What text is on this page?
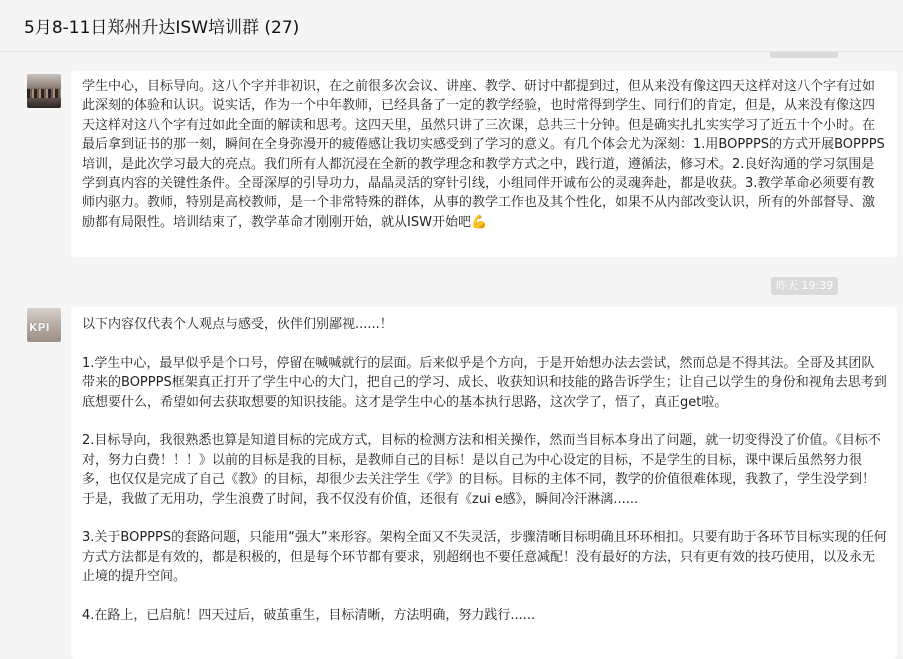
5月8-11日郑州升达ISW培训群 (27)
学生中心，目标导向。这八个字并非初识，在之前很多次会议、讲座、教学、研讨中都提到过，但从来没有像这四天这样对这八个字有过如此深刻的体验和认识。说实话，作为一个中年教师，已经具备了一定的教学经验，也时常得到学生、同行们的肯定，但是，从来没有像这四天这样对这八个字有过如此全面的解读和思考。这四天里，虽然只讲了三次课，总共三十分钟。但是确实扎扎实实学习了近五十个小时。在最后拿到证书的那一刻，瞬间在全身弥漫开的疲倦感让我切实感受到了学习的意义。有几个体会尤为深刻：1.用BOPPPS的方式开展BOPPPS培训，是此次学习最大的亮点。我们所有人都沉浸在全新的教学理念和教学方式之中，践行道，遵循法，修习术。2.良好沟通的学习氛围是学到真内容的关键性条件。全哥深厚的引导功力，晶晶灵活的穿针引线，小组同伴开诚布公的灵魂奔赴，都是收获。3.教学革命必须要有教师内驱力。教师，特别是高校教师，是一个非常特殊的群体，从事的教学工作也及其个性化，如果不从内部改变认识，所有的外部督导、激励都有局限性。培训结束了，教学革命才刚刚开始，就从ISW开始吧💪
昨天 19:39
KPI 以下内容仅代表个人观点与感受，伙伴们别鄙视......！

1.学生中心，最早似乎是个口号，停留在喊喊就行的层面。后来似乎是个方向，于是开始想办法去尝试，然而总是不得其法。全哥及其团队带来的BOPPPS框架真正打开了学生中心的大门，把自己的学习、成长、收获知识和技能的路告诉学生；让自己以学生的身份和视角去思考到底想要什么，希望如何去获取想要的知识技能。这才是学生中心的基本执行思路，这次学了，悟了，真正get啦。

2.目标导向，我很熟悉也算是知道目标的完成方式，目标的检测方法和相关操作，然而当目标本身出了问题，就一切变得没了价值。《目标不对，努力白费！！！》以前的目标是我的目标，是教师自己的目标！是以自己为中心设定的目标，不是学生的目标，课中课后虽然努力很多，也仅仅是完成了自己《教》的目标，却很少去关注学生《学》的目标。目标的主体不同，教学的价值很难体现，我教了，学生没学到！于是，我做了无用功，学生浪费了时间，我不仅没有价值，还很有《zui e感》，瞬间冷汗淋漓......

3.关于BOPPPS的套路问题，只能用“强大”来形容。架构全面又不失灵活，步骤清晰目标明确且环环相扣。只要有助于各环节目标实现的任何方式方法都是有效的，都是积极的，但是每个环节都有要求，别超纲也不要任意减配！没有最好的方法，只有更有效的技巧使用，以及永无止境的提升空间。

4.在路上，已启航！四天过后，破茧重生，目标清晰，方法明确，努力践行......
